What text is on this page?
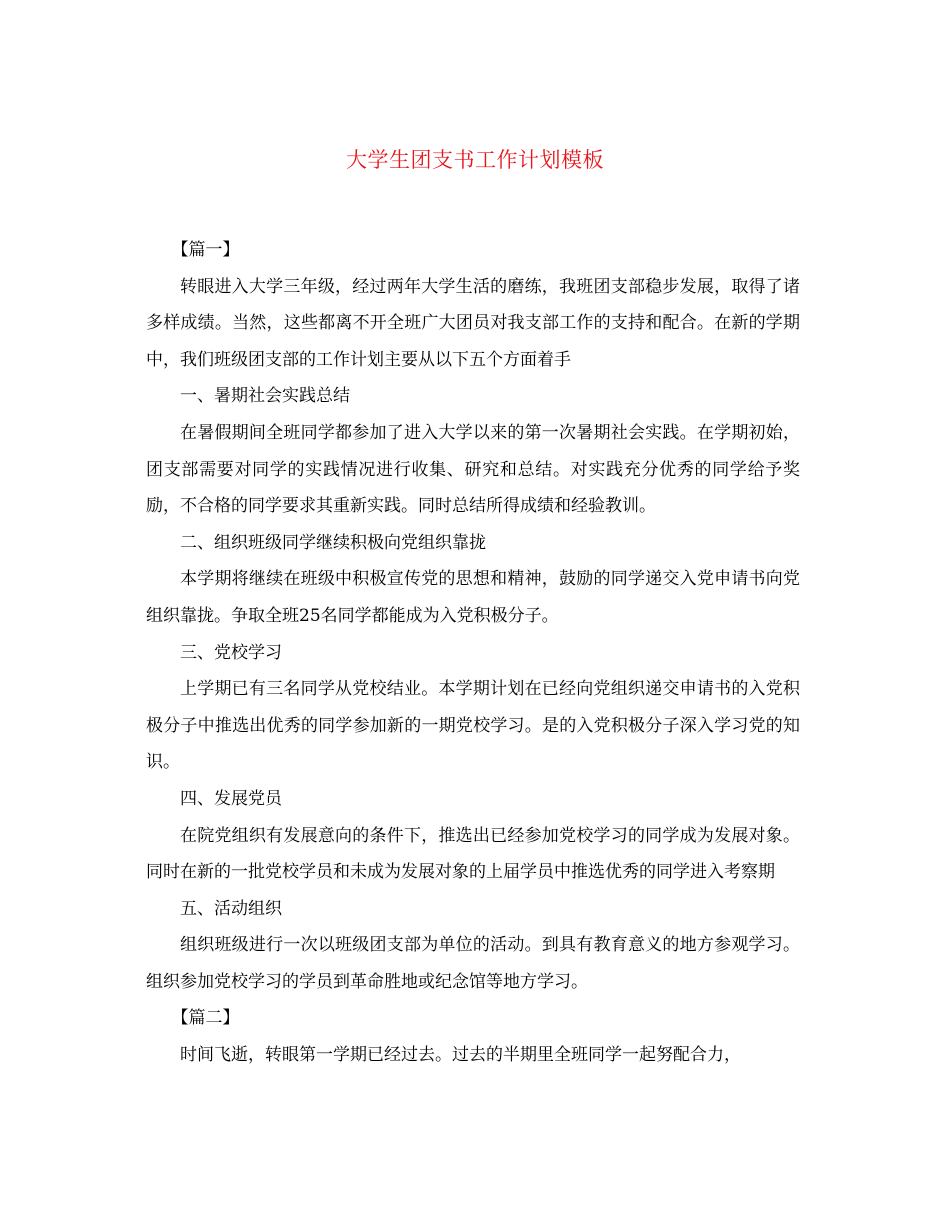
大学生团支书工作计划模板

【篇一】

转眼进入大学三年级，经过两年大学生活的磨练，我班团支部稳步发展，取得了诸多样成绩。当然，这些都离不开全班广大团员对我支部工作的支持和配合。在新的学期中，我们班级团支部的工作计划主要从以下五个方面着手

一、暑期社会实践总结

在暑假期间全班同学都参加了进入大学以来的第一次暑期社会实践。在学期初始，团支部需要对同学的实践情况进行收集、研究和总结。对实践充分优秀的同学给予奖励，不合格的同学要求其重新实践。同时总结所得成绩和经验教训。

二、组织班级同学继续积极向党组织靠拢

本学期将继续在班级中积极宣传党的思想和精神，鼓励的同学递交入党申请书向党组织靠拢。争取全班25名同学都能成为入党积极分子。

三、党校学习

上学期已有三名同学从党校结业。本学期计划在已经向党组织递交申请书的入党积极分子中推选出优秀的同学参加新的一期党校学习。是的入党积极分子深入学习党的知识。

四、发展党员

在院党组织有发展意向的条件下，推选出已经参加党校学习的同学成为发展对象。同时在新的一批党校学员和未成为发展对象的上届学员中推选优秀的同学进入考察期

五、活动组织

组织班级进行一次以班级团支部为单位的活动。到具有教育意义的地方参观学习。组织参加党校学习的学员到革命胜地或纪念馆等地方学习。

【篇二】

时间飞逝，转眼第一学期已经过去。过去的半期里全班同学一起努配合力，
